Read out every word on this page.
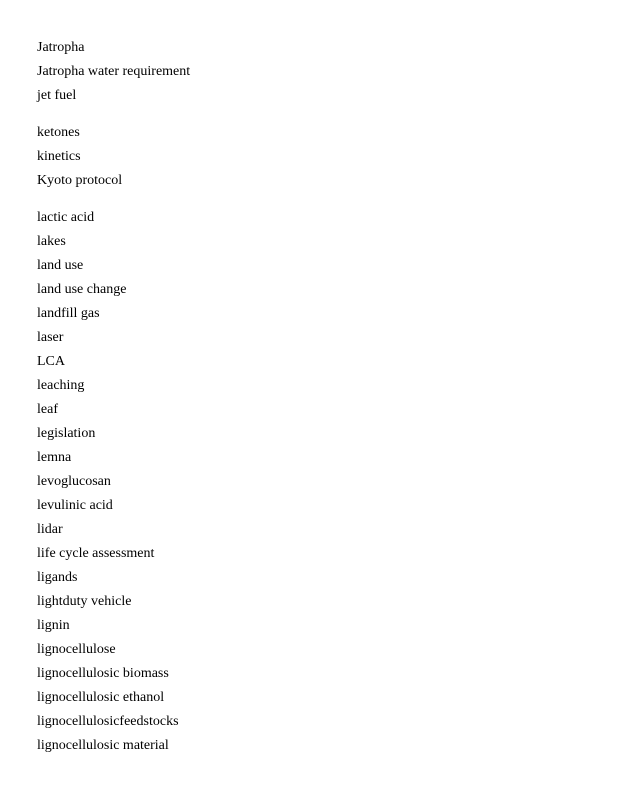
Jatropha
Jatropha water requirement
jet fuel
ketones
kinetics
Kyoto protocol
lactic acid
lakes
land use
land use change
landfill gas
laser
LCA
leaching
leaf
legislation
lemna
levoglucosan
levulinic acid
lidar
life cycle assessment
ligands
lightduty vehicle
lignin
lignocellulose
lignocellulosic biomass
lignocellulosic ethanol
lignocellulosicfeedstocks
lignocellulosic material
